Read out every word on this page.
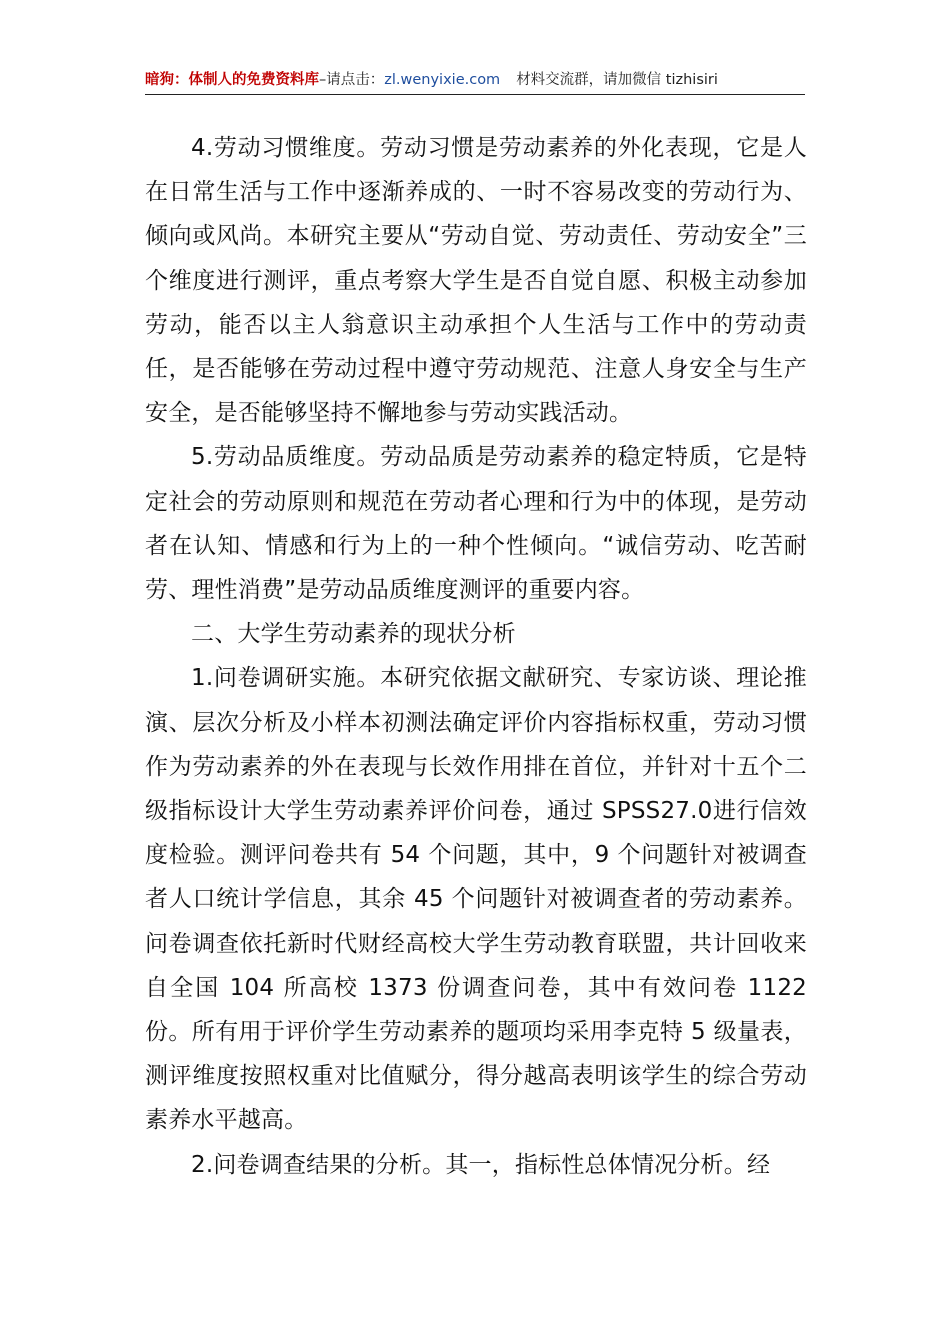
暗狗：体制人的免费资料库–请点击：zl.wenyixie.com 材料交流群，请加微信 tizhisiri

4.劳动习惯维度。劳动习惯是劳动素养的外化表现，它是人在日常生活与工作中逐渐养成的、一时不容易改变的劳动行为、倾向或风尚。本研究主要从“劳动自觉、劳动责任、劳动安全”三个维度进行测评，重点考察大学生是否自觉自愿、积极主动参加劳动，能否以主人翁意识主动承担个人生活与工作中的劳动责任，是否能够在劳动过程中遵守劳动规范、注意人身安全与生产安全，是否能够坚持不懈地参与劳动实践活动。

5.劳动品质维度。劳动品质是劳动素养的稳定特质，它是特定社会的劳动原则和规范在劳动者心理和行为中的体现，是劳动者在认知、情感和行为上的一种个性倾向。“诚信劳动、吃苦耐劳、理性消费”是劳动品质维度测评的重要内容。

二、大学生劳动素养的现状分析

1.问卷调研实施。本研究依据文献研究、专家访谈、理论推演、层次分析及小样本初测法确定评价内容指标权重，劳动习惯作为劳动素养的外在表现与长效作用排在首位，并针对十五个二级指标设计大学生劳动素养评价问卷，通过 SPSS27.0进行信效度检验。测评问卷共有 54 个问题，其中，9 个问题针对被调查者人口统计学信息，其余 45 个问题针对被调查者的劳动素养。问卷调查依托新时代财经高校大学生劳动教育联盟，共计回收来自全国 104 所高校 1373 份调查问卷，其中有效问卷 1122 份。所有用于评价学生劳动素养的题项均采用李克特 5 级量表，测评维度按照权重对比值赋分，得分越高表明该学生的综合劳动素养水平越高。

2.问卷调查结果的分析。其一，指标性总体情况分析。经
